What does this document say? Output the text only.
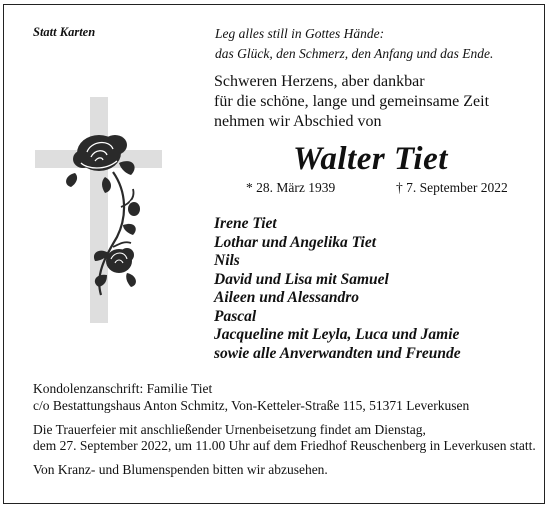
Statt Karten	Leg alles still in Gottes Hände:
das Glück, den Schmerz, den Anfang und das Ende.
Schweren Herzens, aber dankbar
für die schöne, lange und gemeinsame Zeit
nehmen wir Abschied von
Walter Tiet
* 28. März 1939	† 7. September 2022
Irene Tiet
Lothar und Angelika Tiet
Nils
David und Lisa mit Samuel
Aileen und Alessandro
Pascal
Jacqueline mit Leyla, Luca und Jamie
sowie alle Anverwandten und Freunde

Kondolenzanschrift: Familie Tiet
c/o Bestattungshaus Anton Schmitz, Von-Ketteler-Straße 115, 51371 Leverkusen

Die Trauerfeier mit anschließender Urnenbeisetzung findet am Dienstag,
dem 27. September 2022, um 11.00 Uhr auf dem Friedhof Reuschenberg in Leverkusen statt.

Von Kranz- und Blumenspenden bitten wir abzusehen.
